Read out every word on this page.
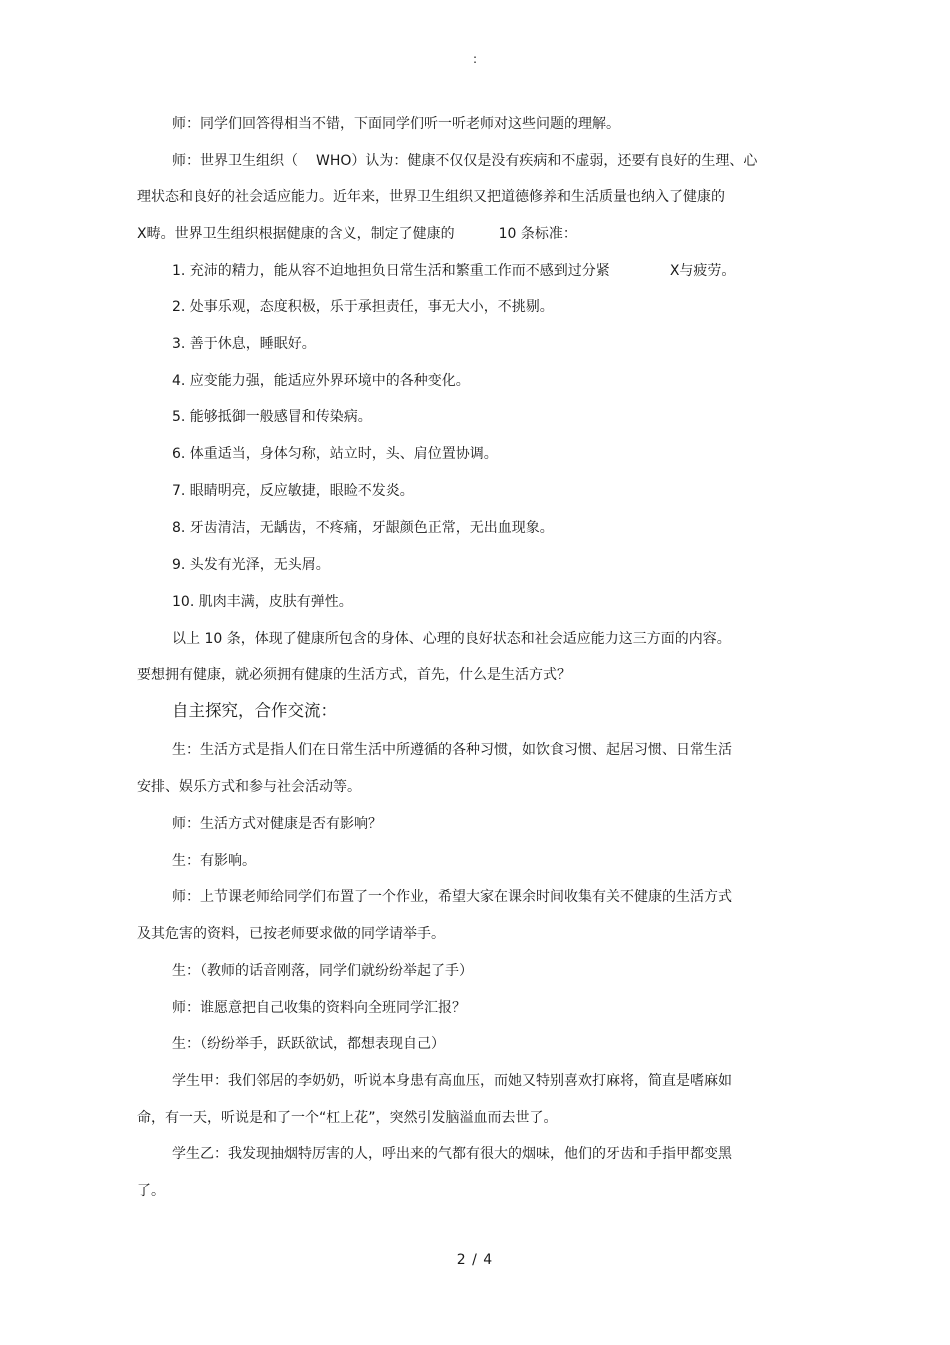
:
师：同学们回答得相当不错，下面同学们听一听老师对这些问题的理解。
师：世界卫生组织（ WHO）认为：健康不仅仅是没有疾病和不虚弱，还要有良好的生理、心
理状态和良好的社会适应能力。近年来，世界卫生组织又把道德修养和生活质量也纳入了健康的
X畴。世界卫生组织根据健康的含义，制定了健康的	10 条标准：
1. 充沛的精力，能从容不迫地担负日常生活和繁重工作而不感到过分紧	X与疲劳。
2. 处事乐观，态度积极，乐于承担责任，事无大小，不挑剔。
3. 善于休息，睡眠好。
4. 应变能力强，能适应外界环境中的各种变化。
5. 能够抵御一般感冒和传染病。
6. 体重适当，身体匀称，站立时，头、肩位置协调。
7. 眼睛明亮，反应敏捷，眼睑不发炎。
8. 牙齿清洁，无龋齿，不疼痛，牙龈颜色正常，无出血现象。
9. 头发有光泽，无头屑。
10. 肌肉丰满，皮肤有弹性。
以上 10 条，体现了健康所包含的身体、心理的良好状态和社会适应能力这三方面的内容。
要想拥有健康，就必须拥有健康的生活方式，首先，什么是生活方式？
自主探究，合作交流：
生：生活方式是指人们在日常生活中所遵循的各种习惯，如饮食习惯、起居习惯、日常生活
安排、娱乐方式和参与社会活动等。
师：生活方式对健康是否有影响？
生：有影响。
师：上节课老师给同学们布置了一个作业，希望大家在课余时间收集有关不健康的生活方式
及其危害的资料，已按老师要求做的同学请举手。
生：（教师的话音刚落，同学们就纷纷举起了手）
师：谁愿意把自己收集的资料向全班同学汇报？
生：（纷纷举手，跃跃欲试，都想表现自己）
学生甲：我们邻居的李奶奶，听说本身患有高血压，而她又特别喜欢打麻将，简直是嗜麻如
命，有一天，听说是和了一个“杠上花”，突然引发脑溢血而去世了。
学生乙：我发现抽烟特厉害的人，呼出来的气都有很大的烟味，他们的牙齿和手指甲都变黑
了。
2 / 4
